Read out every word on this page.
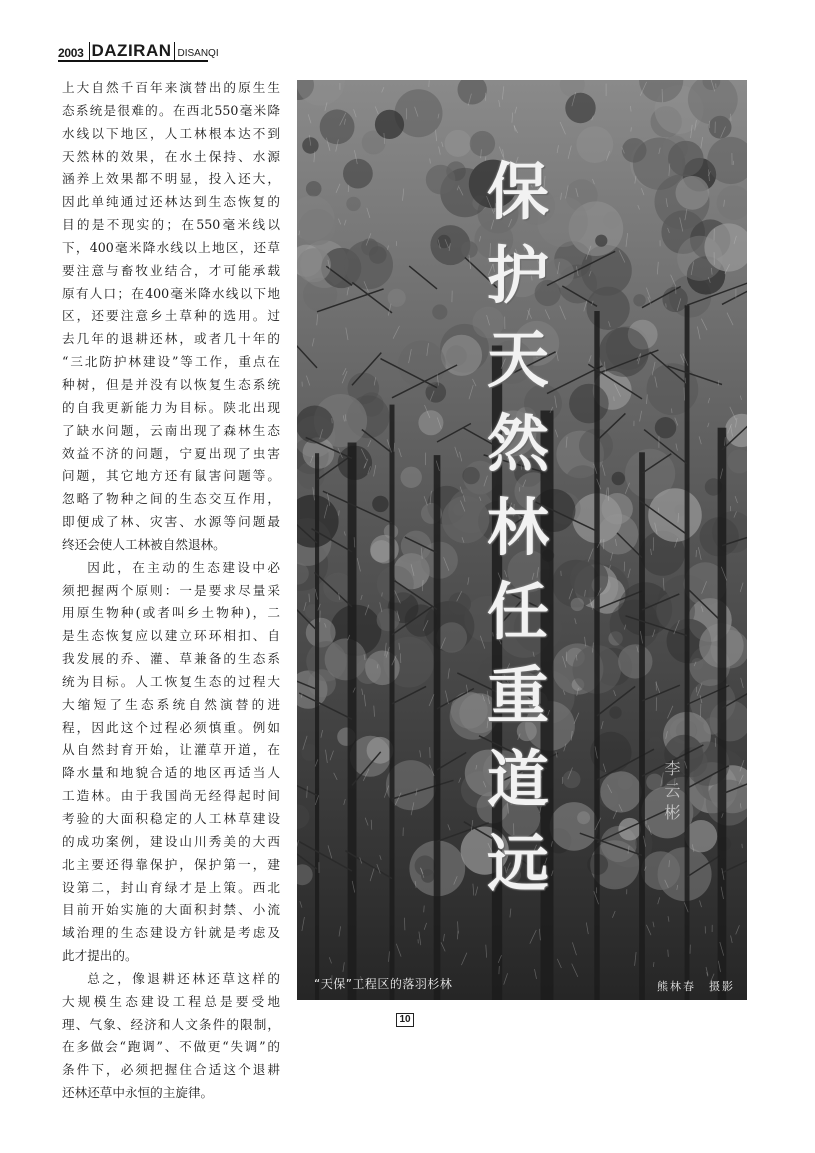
2003 DAZIRAN DISANQI
上大自然千百年来演替出的原生生
态系统是很难的。在西北550毫米降
水线以下地区，人工林根本达不到
天然林的效果，在水土保持、水源
涵养上效果都不明显，投入还大，
因此单纯通过还林达到生态恢复的
目的是不现实的；在550毫米线以
下，400毫米降水线以上地区，还草
要注意与畜牧业结合，才可能承载
原有人口；在400毫米降水线以下地
区，还要注意乡土草种的选用。过
去几年的退耕还林，或者几十年的
“三北防护林建设”等工作，重点在
种树，但是并没有以恢复生态系统
的自我更新能力为目标。陕北出现
了缺水问题，云南出现了森林生态
效益不济的问题，宁夏出现了虫害
问题，其它地方还有鼠害问题等。
忽略了物种之间的生态交互作用，
即便成了林、灾害、水源等问题最
终还会使人工林被自然退林。
因此，在主动的生态建设中必
须把握两个原则：一是要求尽量采
用原生物种(或者叫乡土物种)，二
是生态恢复应以建立环环相扣、自
我发展的乔、灌、草兼备的生态系
统为目标。人工恢复生态的过程大
大缩短了生态系统自然演替的进
程，因此这个过程必须慎重。例如
从自然封育开始，让灌草开道，在
降水量和地貌合适的地区再适当人
工造林。由于我国尚无经得起时间
考验的大面积稳定的人工林草建设
的成功案例，建设山川秀美的大西
北主要还得靠保护，保护第一，建
设第二，封山育绿才是上策。西北
目前开始实施的大面积封禁、小流
域治理的生态建设方针就是考虑及
此才提出的。
总之，像退耕还林还草这样的
大规模生态建设工程总是要受地
理、气象、经济和人文条件的限制，
在多做会“跑调”、不做更“失调”的
条件下，必须把握住合适这个退耕
还林还草中永恒的主旋律。
保
护
天
然
林
任
重
道
远
李云彬
“天保”工程区的落羽杉林	熊林春　摄影
10
